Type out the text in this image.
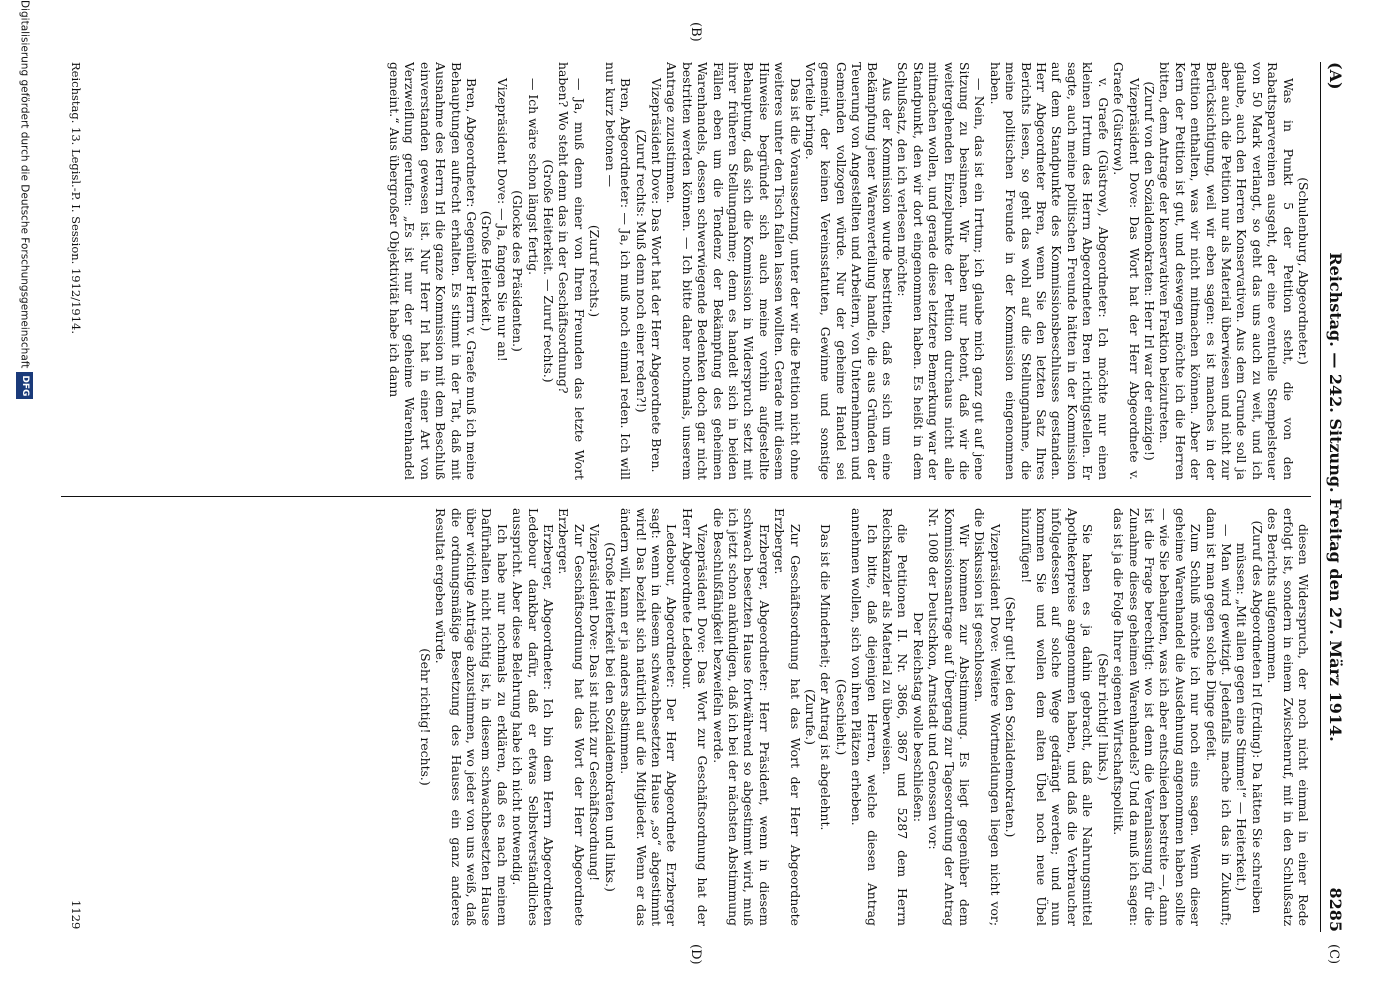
(A)
Reichstag. — 242. Sitzung. Freitag den 27. März 1914.
8285
(C)
(B)
(D)

(Schulenburg, Abgeordneter.)

Was in Punkt 5 der Petition steht, die von den Rabattsparvereinen ausgeht, der eine eventuelle Stempelsteuer von 50 Mark verlangt, so geht das uns auch zu weit, und ich glaube, auch den Herren Konservativen. Aus dem Grunde soll ja aber auch die Petition nur als Material überwiesen und nicht zur Berücksichtigung, weil wir eben sagen: es ist manches in der Petition enthalten, was wir nicht mitmachen können. Aber der Kern der Petition ist gut, und deswegen möchte ich die Herren bitten, dem Antrage der konservativen Fraktion beizutreten.

(Zuruf von den Sozialdemokraten: Herr Irl war der einzige!)

Vizepräsident Dove: Das Wort hat der Herr Abgeordnete v. Graefe (Güstrow).

v. Graefe (Güstrow), Abgeordneter: Ich möchte nur einen kleinen Irrtum des Herrn Abgeordneten Bren richtigstellen. Er sagte, auch meine politischen Freunde hätten in der Kommission auf dem Standpunkte des Kommissionsbeschlusses gestanden. Herr Abgeordneter Bren, wenn Sie den letzten Satz Ihres Berichts lesen, so geht das wohl auf die Stellungnahme, die meine politischen Freunde in der Kommission eingenommen haben.

— Nein, das ist ein Irrtum; ich glaube mich ganz gut auf jene Sitzung zu besinnen. Wir haben nur betont, daß wir die weitergehenden Einzelpunkte der Petition durchaus nicht alle mitmachen wollen, und gerade diese letztere Bemerkung war der Standpunkt, den wir dort eingenommen haben. Es heißt in dem Schlußsatz, den ich verlesen möchte:

Aus der Kommission wurde bestritten, daß es sich um eine Bekämpfung jener Warenverteilung handle, die aus Gründen der Teuerung von Angestellten und Arbeitern, von Unternehmern und Gemeinden vollzogen würde. Nur der geheime Handel sei gemeint, der keinen Vereinsstatuten, Gewinne und sonstige Vorteile bringe.

Das ist die Voraussetzung, unter der wir die Petition nicht ohne weiteres unter den Tisch fallen lassen wollten. Gerade mit diesem Hinweise begründet sich auch meine vorhin aufgestellte Behauptung, daß sich die Kommission in Widerspruch setzt mit ihrer früheren Stellungnahme; denn es handelt sich in beiden Fällen eben um die Tendenz der Bekämpfung des geheimen Warenhandels, dessen schwerwiegende Bedenken doch gar nicht bestritten werden können. — Ich bitte daher nochmals, unserem Antrage zuzustimmen.

Vizepräsident Dove: Das Wort hat der Herr Abgeordnete Bren.

(Zuruf rechts: Muß denn noch einer reden?!)

Bren, Abgeordneter: — Ja, ich muß noch einmal reden. Ich will nur kurz betonen —

(Zuruf rechts.)

— Ja, muß denn einer von Ihren Freunden das letzte Wort haben? Wo steht denn das in der Geschäftsordnung?

(Große Heiterkeit. — Zuruf rechts.)

— Ich wäre schon längst fertig.

(Glocke des Präsidenten.)

Vizepräsident Dove: — Ja, fangen Sie nur an!

(Große Heiterkeit.)

Bren, Abgeordneter: Gegenüber Herrn v. Graefe muß ich meine Behauptungen aufrecht erhalten. Es stimmt in der Tat, daß mit Ausnahme des Herrn Irl die ganze Kommission mit dem Beschluß einverstanden gewesen ist. Nur Herr Irl hat in einer Art von Verzweiflung gerufen: „Es ist nur der geheime Warenhandel gemeint.“ Aus übergroßer Objektivität habe ich dann

diesen Widerspruch, der noch nicht einmal in einer Rede erfolgt ist, sondern in einem Zwischenruf, mit in den Schlußsatz des Berichts aufgenommen.

(Zuruf des Abgeordneten Irl (Erding): Da hätten Sie schreiben müssen: „Mit allen gegen eine Stimme!“ — Heiterkeit.)

— Man wird gewitzigt. Jedenfalls mache ich das in Zukunft; dann ist man gegen solche Dinge gefeit.

Zum Schluß möchte ich nur noch eins sagen. Wenn dieser geheime Warenhandel die Ausdehnung angenommen haben sollte — wie Sie behaupten, was ich aber entschieden bestreite —, dann ist die Frage berechtigt: wo ist denn die Veranlassung für die Zunahme dieses geheimen Warenhandels? Und da muß ich sagen: das ist ja die Folge Ihrer eigenen Wirtschaftspolitik.

(Sehr richtig! links.)

Sie haben es ja dahin gebracht, daß alle Nahrungsmittel Apothekerpreise angenommen haben, und daß die Verbraucher infolgedessen auf solche Wege gedrängt werden; und nun kommen Sie und wollen dem alten Übel noch neue Übel hinzufügen!

(Sehr gut! bei den Sozialdemokraten.)

Vizepräsident Dove: Weitere Wortmeldungen liegen nicht vor; die Diskussion ist geschlossen.

Wir kommen zur Abstimmung. Es liegt gegenüber dem Kommissionsantrage auf Übergang zur Tagesordnung der Antrag Nr. 1008 der Deutschkon, Arnstadt und Genossen vor:

Der Reichstag wolle beschließen:

die Petitionen II. Nr. 3866, 3867 und 5287 dem Herrn Reichskanzler als Material zu überweisen.

Ich bitte, daß diejenigen Herren, welche diesen Antrag annehmen wollen, sich von ihren Plätzen erheben.

(Geschieht.)

Das ist die Minderheit; der Antrag ist abgelehnt.

(Zurufe.)

Zur Geschäftsordnung hat das Wort der Herr Abgeordnete Erzberger.

Erzberger, Abgeordneter: Herr Präsident, wenn in diesem schwach besetzten Hause fortwährend so abgestimmt wird, muß ich jetzt schon ankündigen, daß ich bei der nächsten Abstimmung die Beschlußfähigkeit bezweifeln werde.

Vizepräsident Dove: Das Wort zur Geschäftsordnung hat der Herr Abgeordnete Ledebour.

Ledebour, Abgeordneter: Der Herr Abgeordnete Erzberger sagt: wenn in diesem schwachbesetzten Hause „so“ abgestimmt wird! Das bezieht sich natürlich auf die Mitglieder. Wenn er das ändern will, kann er ja anders abstimmen.

(Große Heiterkeit bei den Sozialdemokraten und links.)

Vizepräsident Dove: Das ist nicht zur Geschäftsordnung!

Zur Geschäftsordnung hat das Wort der Herr Abgeordnete Erzberger.

Erzberger, Abgeordneter: Ich bin dem Herrn Abgeordneten Ledebour dankbar dafür, daß er etwas Selbstverständliches ausspricht. Aber diese Belehrung habe ich nicht notwendig.

Ich habe nur nochmals zu erklären, daß es nach meinem Dafürhalten nicht richtig ist, in diesem schwachbesetzten Hause über wichtige Anträge abzustimmen, wo jeder von uns weiß, daß die ordnungsmäßige Besetzung des Hauses ein ganz anderes Resultat ergeben würde.

(Sehr richtig! rechts.)

Reichstag. 13. Legisl.-P. I. Session. 1912/1914.
1129
Digitalisierung gefördert durch die Deutsche ForschungsgemeinschaftDFG
